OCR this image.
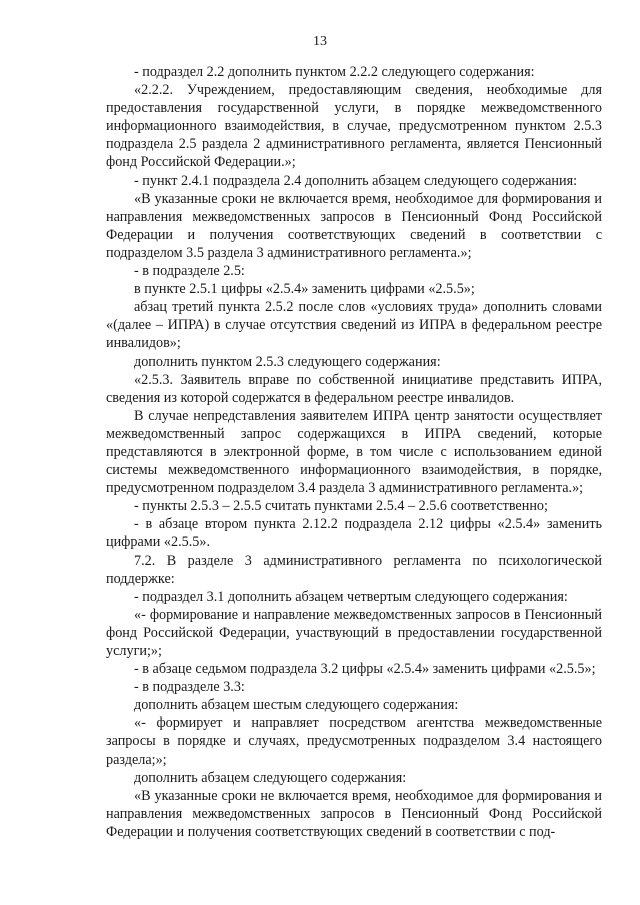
13

- подраздел 2.2 дополнить пунктом 2.2.2 следующего содержания:

«2.2.2. Учреждением, предоставляющим сведения, необходимые для предоставления государственной услуги, в порядке межведомственного информационного взаимодействия, в случае, предусмотренном пунктом 2.5.3 подраздела 2.5 раздела 2 административного регламента, является Пенсионный фонд Российской Федерации.»;

- пункт 2.4.1 подраздела 2.4 дополнить абзацем следующего содержания:

«В указанные сроки не включается время, необходимое для формирования и направления межведомственных запросов в Пенсионный Фонд Российской Федерации и получения соответствующих сведений в соответствии с подразделом 3.5 раздела 3 административного регламента.»;

- в подразделе 2.5:

в пункте 2.5.1 цифры «2.5.4» заменить цифрами «2.5.5»;

абзац третий пункта 2.5.2 после слов «условиях труда» дополнить словами «(далее – ИПРА) в случае отсутствия сведений из ИПРА в федеральном реестре инвалидов»;

дополнить пунктом 2.5.3 следующего содержания:

«2.5.3. Заявитель вправе по собственной инициативе представить ИПРА, сведения из которой содержатся в федеральном реестре инвалидов.

В случае непредставления заявителем ИПРА центр занятости осуществляет межведомственный запрос содержащихся в ИПРА сведений, которые представляются в электронной форме, в том числе с использованием единой системы межведомственного информационного взаимодействия, в порядке, предусмотренном подразделом 3.4 раздела 3 административного регламента.»;

- пункты 2.5.3 – 2.5.5 считать пунктами 2.5.4 – 2.5.6 соответственно;

- в абзаце втором пункта 2.12.2 подраздела 2.12 цифры «2.5.4» заменить цифрами «2.5.5».

7.2. В разделе 3 административного регламента по психологической поддержке:

- подраздел 3.1 дополнить абзацем четвертым следующего содержания:

«- формирование и направление межведомственных запросов в Пенсионный фонд Российской Федерации, участвующий в предоставлении государственной услуги;»;

- в абзаце седьмом подраздела 3.2 цифры «2.5.4» заменить цифрами «2.5.5»;

- в подразделе 3.3:

дополнить абзацем шестым следующего содержания:

«- формирует и направляет посредством агентства межведомственные запросы в порядке и случаях, предусмотренных подразделом 3.4 настоящего раздела;»;

дополнить абзацем следующего содержания:

«В указанные сроки не включается время, необходимое для формирования и направления межведомственных запросов в Пенсионный Фонд Российской Федерации и получения соответствующих сведений в соответствии с под-
